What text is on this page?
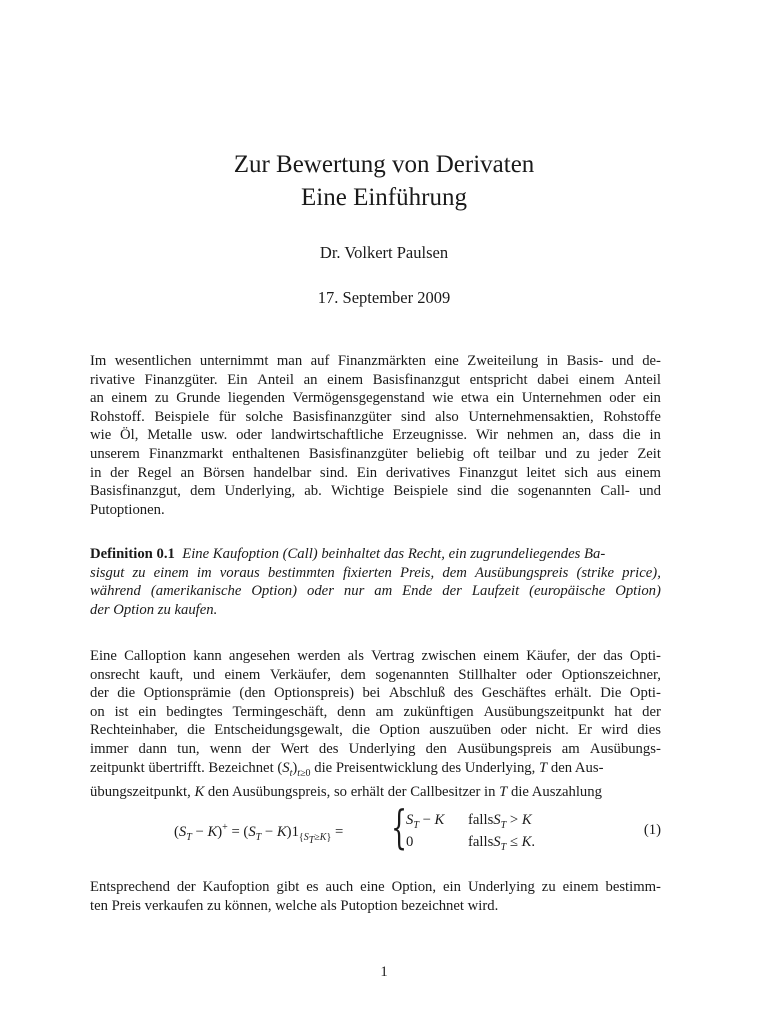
Zur Bewertung von Derivaten
Eine Einführung
Dr. Volkert Paulsen
17. September 2009
Im wesentlichen unternimmt man auf Finanzmärkten eine Zweiteilung in Basis- und de-
rivative Finanzgüter. Ein Anteil an einem Basisfinanzgut entspricht dabei einem Anteil
an einem zu Grunde liegenden Vermögensgegenstand wie etwa ein Unternehmen oder ein
Rohstoff. Beispiele für solche Basisfinanzgüter sind also Unternehmensaktien, Rohstoffe
wie Öl, Metalle usw. oder landwirtschaftliche Erzeugnisse. Wir nehmen an, dass die in
unserem Finanzmarkt enthaltenen Basisfinanzgüter beliebig oft teilbar und zu jeder Zeit
in der Regel an Börsen handelbar sind. Ein derivatives Finanzgut leitet sich aus einem
Basisfinanzgut, dem Underlying, ab. Wichtige Beispiele sind die sogenannten Call- und
Putoptionen.
Definition 0.1 Eine Kaufoption (Call) beinhaltet das Recht, ein zugrundeliegendes Ba-
sisgut zu einem im voraus bestimmten fixierten Preis, dem Ausübungspreis (strike price),
während (amerikanische Option) oder nur am Ende der Laufzeit (europäische Option)
der Option zu kaufen.
Eine Calloption kann angesehen werden als Vertrag zwischen einem Käufer, der das Opti-
onsrecht kauft, und einem Verkäufer, dem sogenannten Stillhalter oder Optionszeichner,
der die Optionsprämie (den Optionspreis) bei Abschluß des Geschäftes erhält. Die Opti-
on ist ein bedingtes Termingeschäft, denn am zukünftigen Ausübungszeitpunkt hat der
Rechteinhaber, die Entscheidungsgewalt, die Option auszuüben oder nicht. Er wird dies
immer dann tun, wenn der Wert des Underlying den Ausübungspreis am Ausübungs-
zeitpunkt übertrifft. Bezeichnet $(S_t)_{t\ge 0}$ die Preisentwicklung des Underlying, T den Aus-
übungszeitpunkt, K den Ausübungspreis, so erhält der Callbesitzer in T die Auszahlung
$(S_T - K)^+ = (S_T - K)1_{\{S_T\ge K\}}$ = {
$S_T - K$ fallsS$_T$ > K
0	fallsS$_T$ ≤ K.
(1)
Entsprechend der Kaufoption gibt es auch eine Option, ein Underlying zu einem bestimm-
ten Preis verkaufen zu können, welche als Putoption bezeichnet wird.
1
